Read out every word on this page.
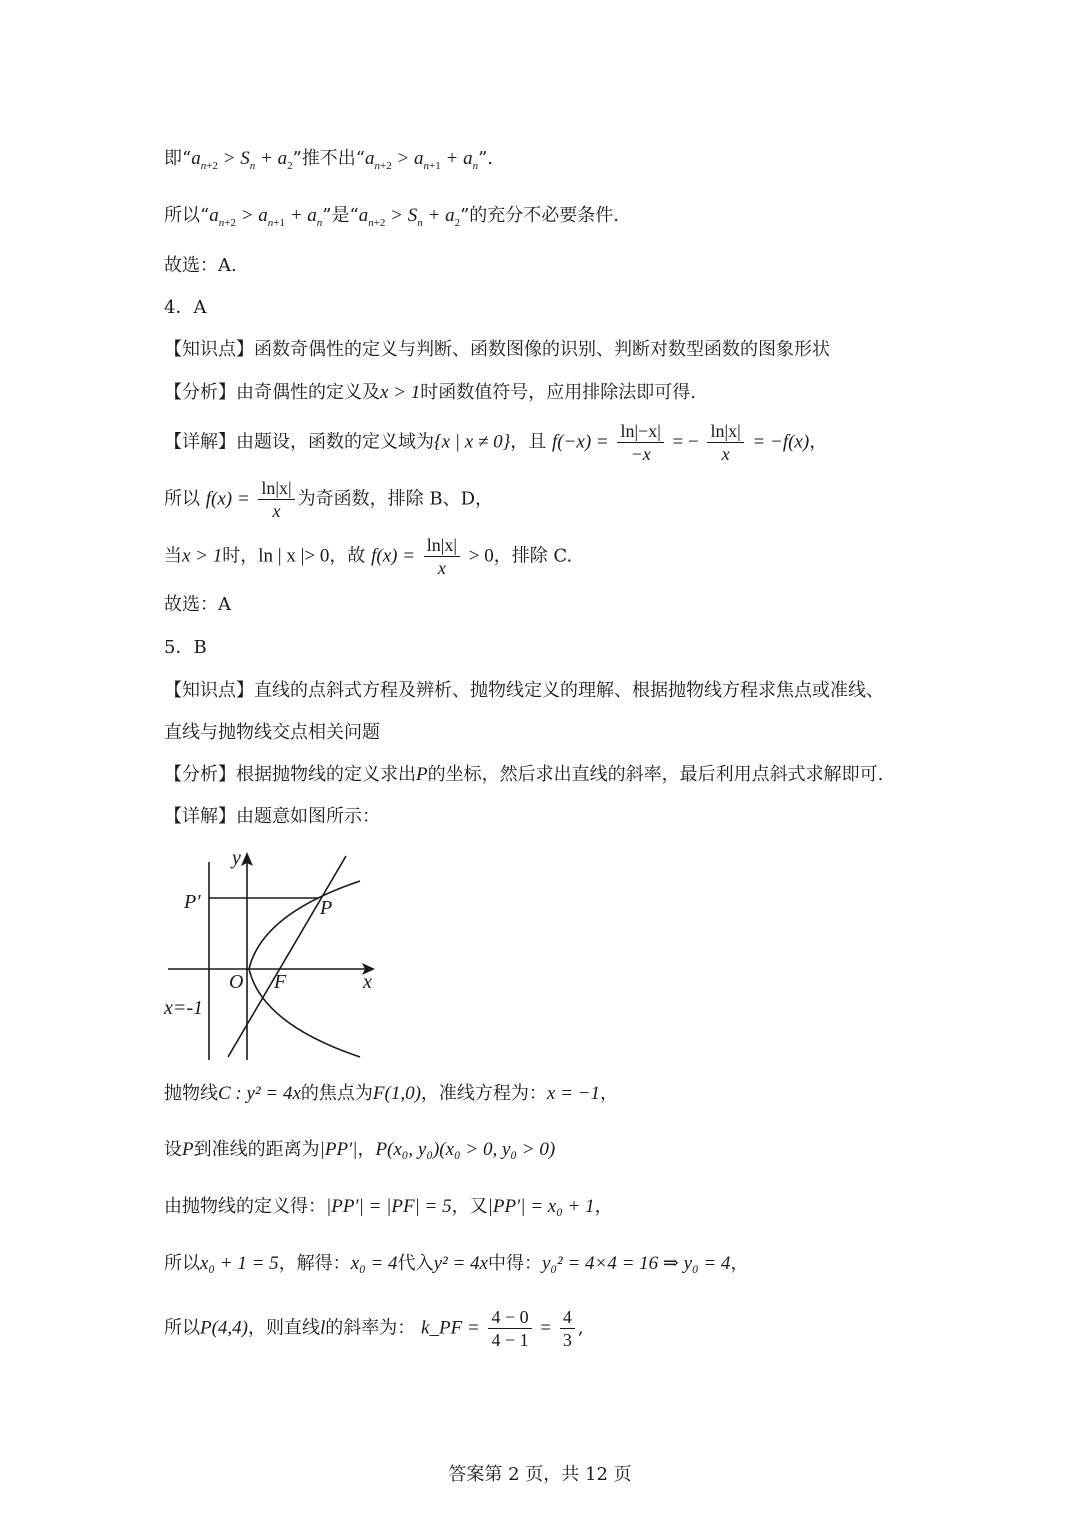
即“$a_{n+2} > S_n + a_2$”推不出“$a_{n+2} > a_{n+1} + a_n$”.
所以“$a_{n+2} > a_{n+1} + a_n$”是“$a_{n+2} > S_n + a_2$”的充分不必要条件.
故选：A.
4．A
【知识点】函数奇偶性的定义与判断、函数图像的识别、判断对数型函数的图象形状
【分析】由奇偶性的定义及x > 1时函数值符号，应用排除法即可得.
【详解】由题设，函数的定义域为{x | x ≠ 0}，且 $f(-x) = \frac{\ln|-x|}{-x}$ = − $\frac{\ln|x|}{x} = -f(x)$，
所以 $f(x) = \frac{\ln|x|}{x}$ 为奇函数，排除 B、D，
当x > 1时，ln | x |> 0，故 $f(x) = \frac{\ln|x|}{x} > 0$，排除 C.
故选：A
5．B
【知识点】直线的点斜式方程及辨析、抛物线定义的理解、根据抛物线方程求焦点或准线、
直线与抛物线交点相关问题
【分析】根据抛物线的定义求出P的坐标，然后求出直线的斜率，最后利用点斜式求解即可.
【详解】由题意如图所示：
y
x
P′	P
O F
x=-1
抛物线C : y² = 4x的焦点为F(1,0)，准线方程为：x = −1，
设P到准线的距离为|PP′|，P(x₀, y₀)(x₀ > 0, y₀ > 0)
由抛物线的定义得：|PP′| = |PF| = 5，又|PP′| = x₀ + 1，
所以x₀ + 1 = 5，解得：x₀ = 4代入y² = 4x中得：y₀² = 4×4 = 16 ⇒ y₀ = 4，
所以P(4,4)，则直线l的斜率为： k_PF = $\frac{4 - 0}{4 - 1} = \frac{4}{3}$ ,
答案第 2 页，共 12 页
